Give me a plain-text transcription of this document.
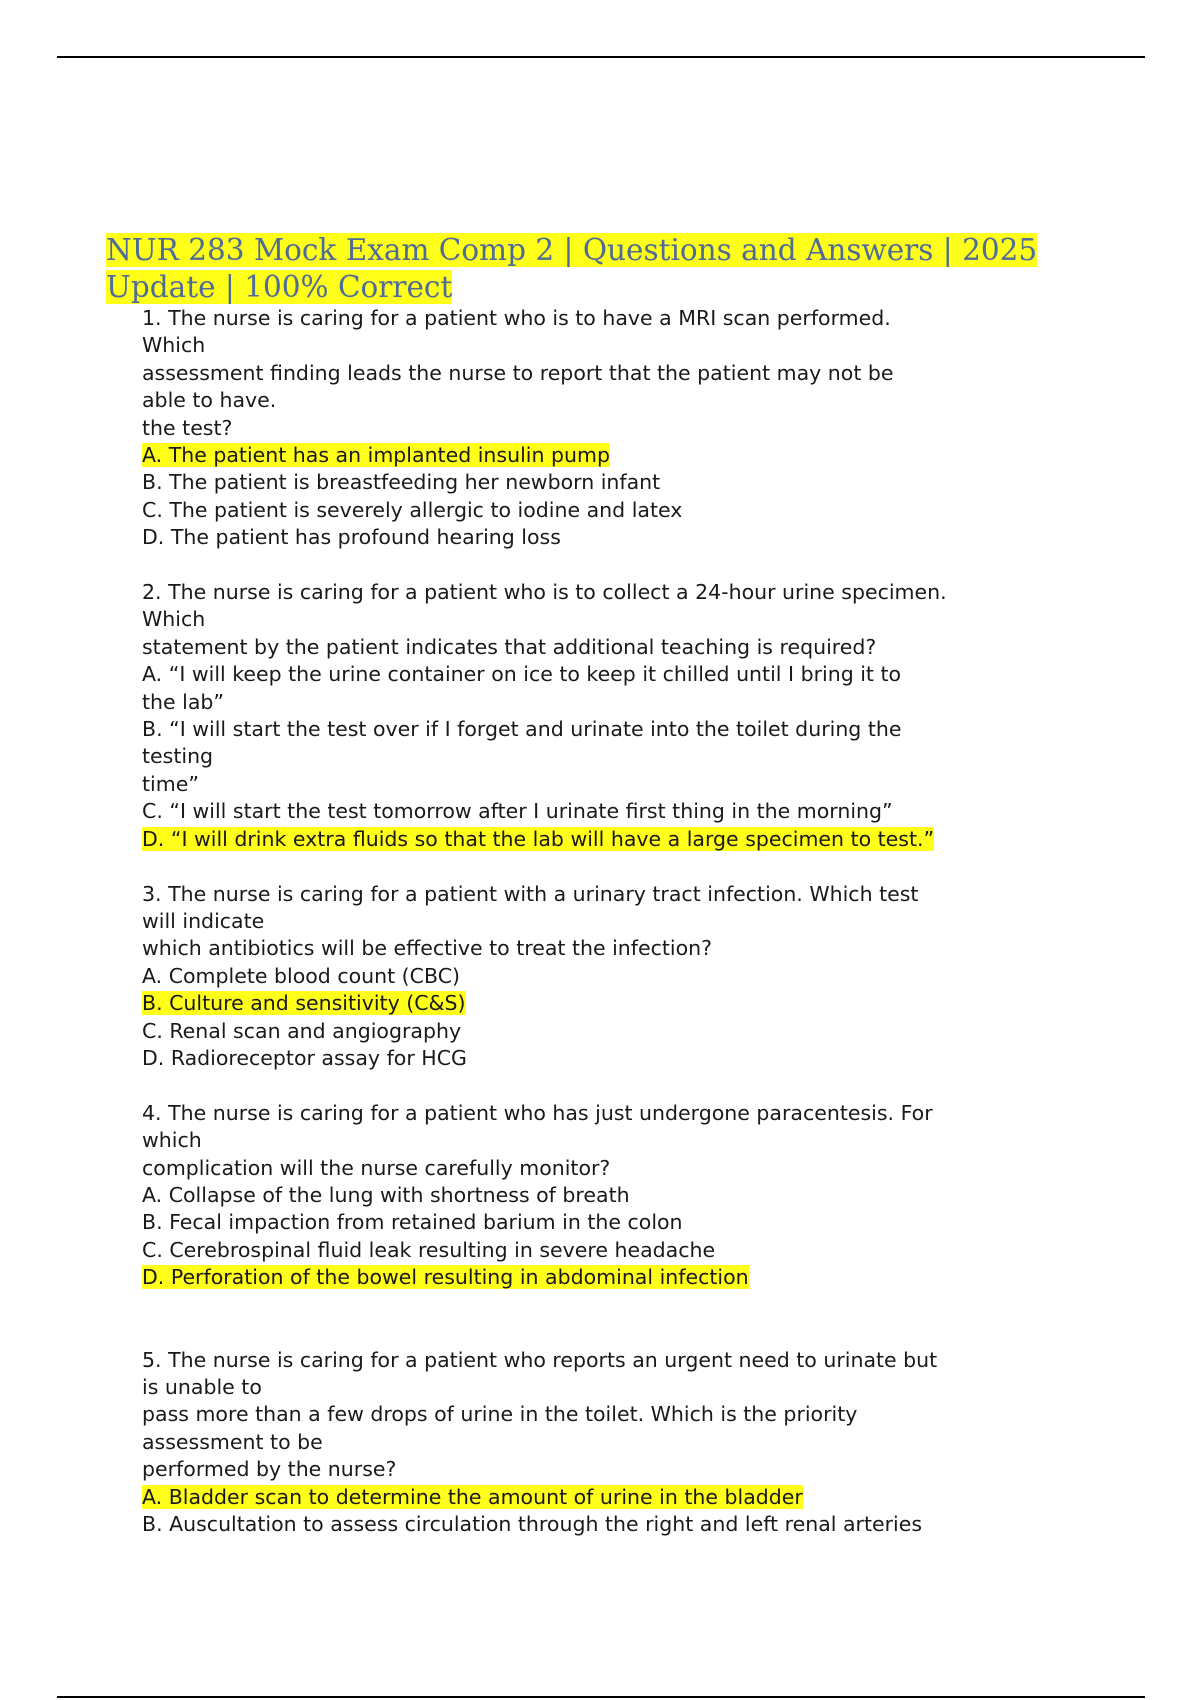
NUR 283 Mock Exam Comp 2 | Questions and Answers | 2025
Update | 100% Correct
1. The nurse is caring for a patient who is to have a MRI scan performed.
Which
assessment finding leads the nurse to report that the patient may not be
able to have.
the test?
A. The patient has an implanted insulin pump
B. The patient is breastfeeding her newborn infant
C. The patient is severely allergic to iodine and latex
D. The patient has profound hearing loss
2. The nurse is caring for a patient who is to collect a 24-hour urine specimen.
Which
statement by the patient indicates that additional teaching is required?
A. “I will keep the urine container on ice to keep it chilled until I bring it to
the lab”
B. “I will start the test over if I forget and urinate into the toilet during the
testing
time”
C. “I will start the test tomorrow after I urinate first thing in the morning”
D. “I will drink extra fluids so that the lab will have a large specimen to test.”
3. The nurse is caring for a patient with a urinary tract infection. Which test
will indicate
which antibiotics will be effective to treat the infection?
A. Complete blood count (CBC)
B. Culture and sensitivity (C&S)
C. Renal scan and angiography
D. Radioreceptor assay for HCG
4. The nurse is caring for a patient who has just undergone paracentesis. For
which
complication will the nurse carefully monitor?
A. Collapse of the lung with shortness of breath
B. Fecal impaction from retained barium in the colon
C. Cerebrospinal fluid leak resulting in severe headache
D. Perforation of the bowel resulting in abdominal infection
5. The nurse is caring for a patient who reports an urgent need to urinate but
is unable to
pass more than a few drops of urine in the toilet. Which is the priority
assessment to be
performed by the nurse?
A. Bladder scan to determine the amount of urine in the bladder
B. Auscultation to assess circulation through the right and left renal arteries
